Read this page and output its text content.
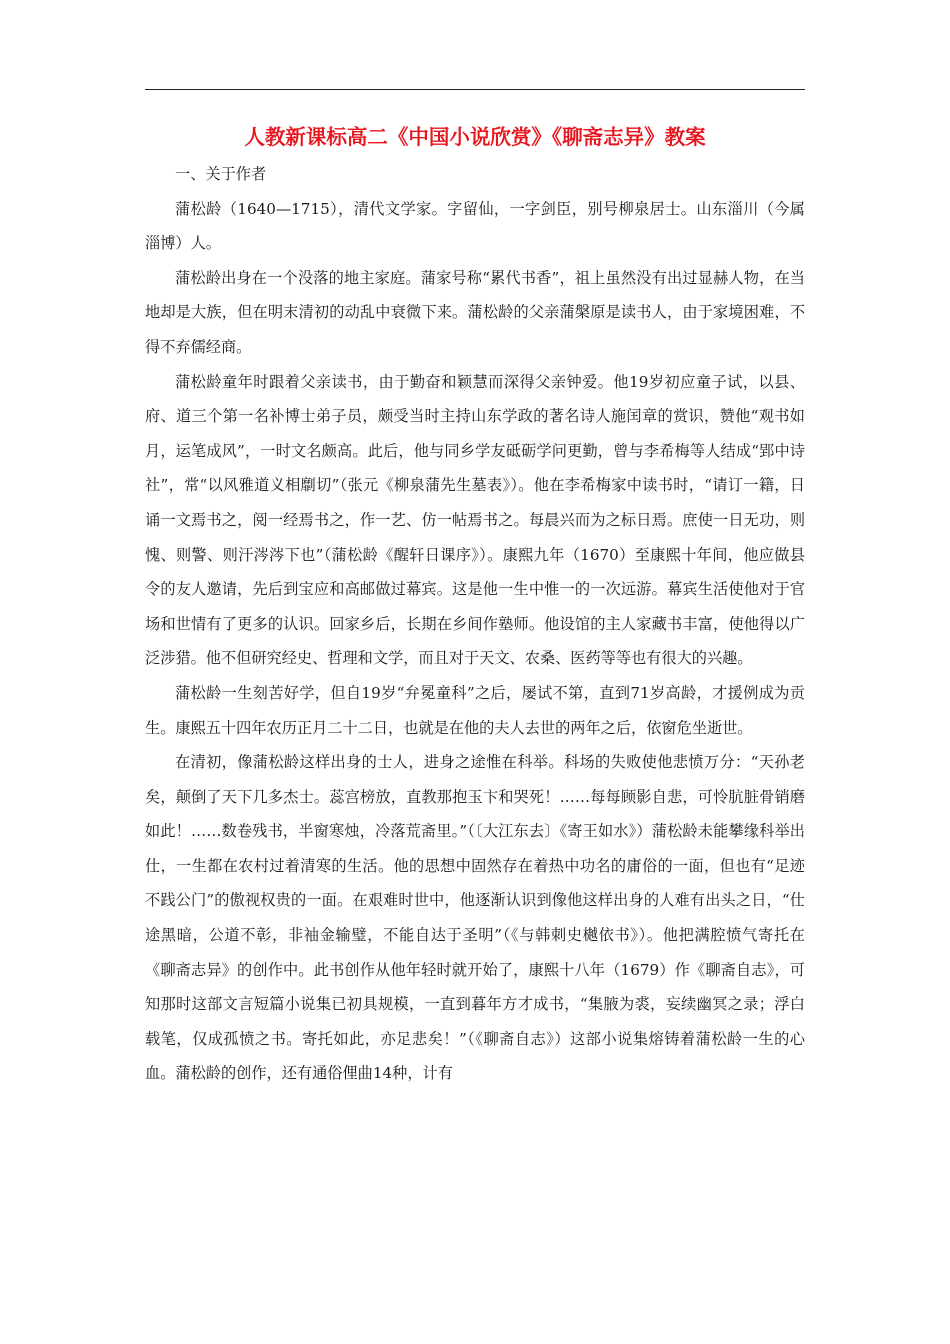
人教新课标高二《中国小说欣赏》《聊斋志异》教案

一、关于作者

蒲松龄（1640—1715），清代文学家。字留仙，一字剑臣，别号柳泉居士。山东淄川（今属淄博）人。

蒲松龄出身在一个没落的地主家庭。蒲家号称“累代书香”，祖上虽然没有出过显赫人物，在当地却是大族，但在明末清初的动乱中衰微下来。蒲松龄的父亲蒲槃原是读书人，由于家境困难，不得不弃儒经商。

蒲松龄童年时跟着父亲读书，由于勤奋和颖慧而深得父亲钟爱。他19岁初应童子试，以县、府、道三个第一名补博士弟子员，颇受当时主持山东学政的著名诗人施闰章的赏识，赞他“观书如月，运笔成风”，一时文名颇高。此后，他与同乡学友砥砺学问更勤，曾与李希梅等人结成“郢中诗社”，常“以风雅道义相劘切”（张元《柳泉蒲先生墓表》）。他在李希梅家中读书时，“请订一籍，日诵一文焉书之，阅一经焉书之，作一艺、仿一帖焉书之。每晨兴而为之标日焉。庶使一日无功，则愧、则警、则汗涔涔下也”（蒲松龄《醒轩日课序》）。康熙九年（1670）至康熙十年间，他应做县令的友人邀请，先后到宝应和高邮做过幕宾。这是他一生中惟一的一次远游。幕宾生活使他对于官场和世情有了更多的认识。回家乡后，长期在乡间作塾师。他设馆的主人家藏书丰富，使他得以广泛涉猎。他不但研究经史、哲理和文学，而且对于天文、农桑、医药等等也有很大的兴趣。

蒲松龄一生刻苦好学，但自19岁“弁冕童科”之后，屡试不第，直到71岁高龄，才援例成为贡生。康熙五十四年农历正月二十二日，也就是在他的夫人去世的两年之后，依窗危坐逝世。

在清初，像蒲松龄这样出身的士人，进身之途惟在科举。科场的失败使他悲愤万分：“天孙老矣，颠倒了天下几多杰士。蕊宫榜放，直教那抱玉卞和哭死！……每每顾影自悲，可怜肮脏骨销磨如此！……数卷残书，半窗寒烛，冷落荒斋里。”（〔大江东去〕《寄王如水》）蒲松龄未能攀缘科举出仕，一生都在农村过着清寒的生活。他的思想中固然存在着热中功名的庸俗的一面，但也有“足迹不践公门”的傲视权贵的一面。在艰难时世中，他逐渐认识到像他这样出身的人难有出头之日，“仕途黑暗，公道不彰，非袖金输璧，不能自达于圣明”（《与韩刺史樾依书》）。他把满腔愤气寄托在《聊斋志异》的创作中。此书创作从他年轻时就开始了，康熙十八年（1679）作《聊斋自志》，可知那时这部文言短篇小说集已初具规模，一直到暮年方才成书，“集腋为裘，妄续幽冥之录；浮白载笔，仅成孤愤之书。寄托如此，亦足悲矣！”（《聊斋自志》）这部小说集熔铸着蒲松龄一生的心血。蒲松龄的创作，还有通俗俚曲14种，计有
